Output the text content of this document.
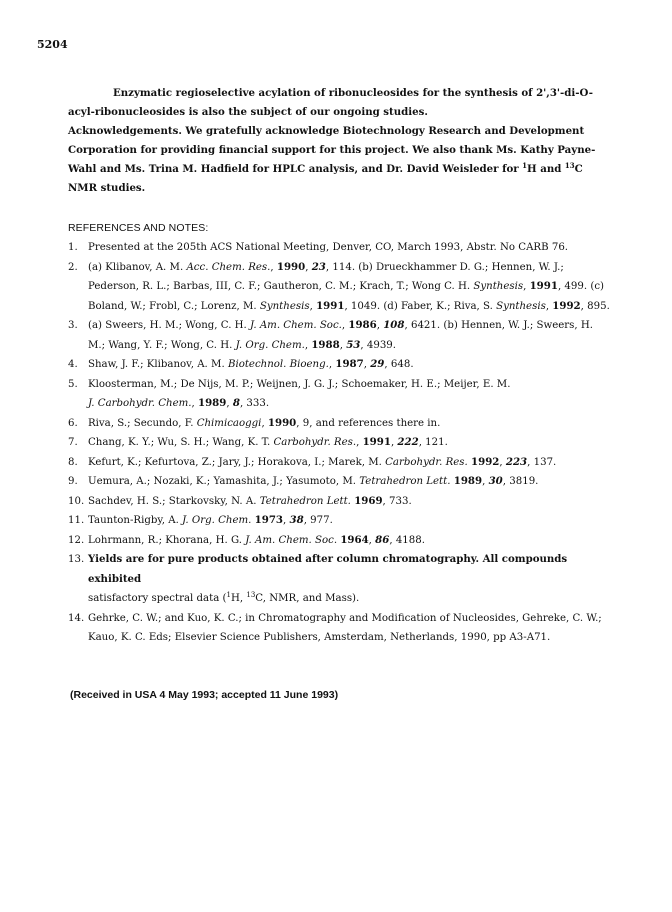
5204
Enzymatic regioselective acylation of ribonucleosides for the synthesis of 2',3'-di-O-acyl-ribonucleosides is also the subject of our ongoing studies.
Acknowledgements. We gratefully acknowledge Biotechnology Research and Development Corporation for providing financial support for this project. We also thank Ms. Kathy Payne-Wahl and Ms. Trina M. Hadfield for HPLC analysis, and Dr. David Weisleder for $^1$H and $^{13}$C NMR studies.
REFERENCES AND NOTES:
1.	Presented at the 205th ACS National Meeting, Denver, CO, March 1993, Abstr. No CARB 76.
2.	(a) Klibanov, A. M. Acc. Chem. Res., 1990, 23, 114. (b) Drueckhammer D. G.; Hennen, W. J.; Pederson, R. L.; Barbas, III, C. F.; Gautheron, C. M.; Krach, T.; Wong C. H. Synthesis, 1991, 499. (c) Boland, W.; Frobl, C.; Lorenz, M. Synthesis, 1991, 1049. (d) Faber, K.; Riva, S. Synthesis, 1992, 895.
3.	(a) Sweers, H. M.; Wong, C. H. J. Am. Chem. Soc., 1986, 108, 6421. (b) Hennen, W. J.; Sweers, H. M.; Wang, Y. F.; Wong, C. H. J. Org. Chem., 1988, 53, 4939.
4.	Shaw, J. F.; Klibanov, A. M. Biotechnol. Bioeng., 1987, 29, 648.
5.	Kloosterman, M.; De Nijs, M. P.; Weijnen, J. G. J.; Schoemaker, H. E.; Meijer, E. M.
J. Carbohydr. Chem., 1989, 8, 333.
6.	Riva, S.; Secundo, F. Chimicaoggi, 1990, 9, and references there in.
7.	Chang, K. Y.; Wu, S. H.; Wang, K. T. Carbohydr. Res., 1991, 222, 121.
8.	Kefurt, K.; Kefurtova, Z.; Jary, J.; Horakova, I.; Marek, M. Carbohydr. Res. 1992, 223, 137.
9.	Uemura, A.; Nozaki, K.; Yamashita, J.; Yasumoto, M. Tetrahedron Lett. 1989, 30, 3819.
10. Sachdev, H. S.; Starkovsky, N. A. Tetrahedron Lett. 1969, 733.
11. Taunton-Rigby, A. J. Org. Chem. 1973, 38, 977.
12. Lohrmann, R.; Khorana, H. G. J. Am. Chem. Soc. 1964, 86, 4188.
13. Yields are for pure products obtained after column chromatography. All compounds exhibited
satisfactory spectral data ($^1$H, $^{13}$C, NMR, and Mass).
14. Gehrke, C. W.; and Kuo, K. C.; in Chromatography and Modification of Nucleosides, Gehreke, C. W.; Kauo, K. C. Eds; Elsevier Science Publishers, Amsterdam, Netherlands, 1990, pp A3-A71.
(Received in USA 4 May 1993; accepted 11 June 1993)
